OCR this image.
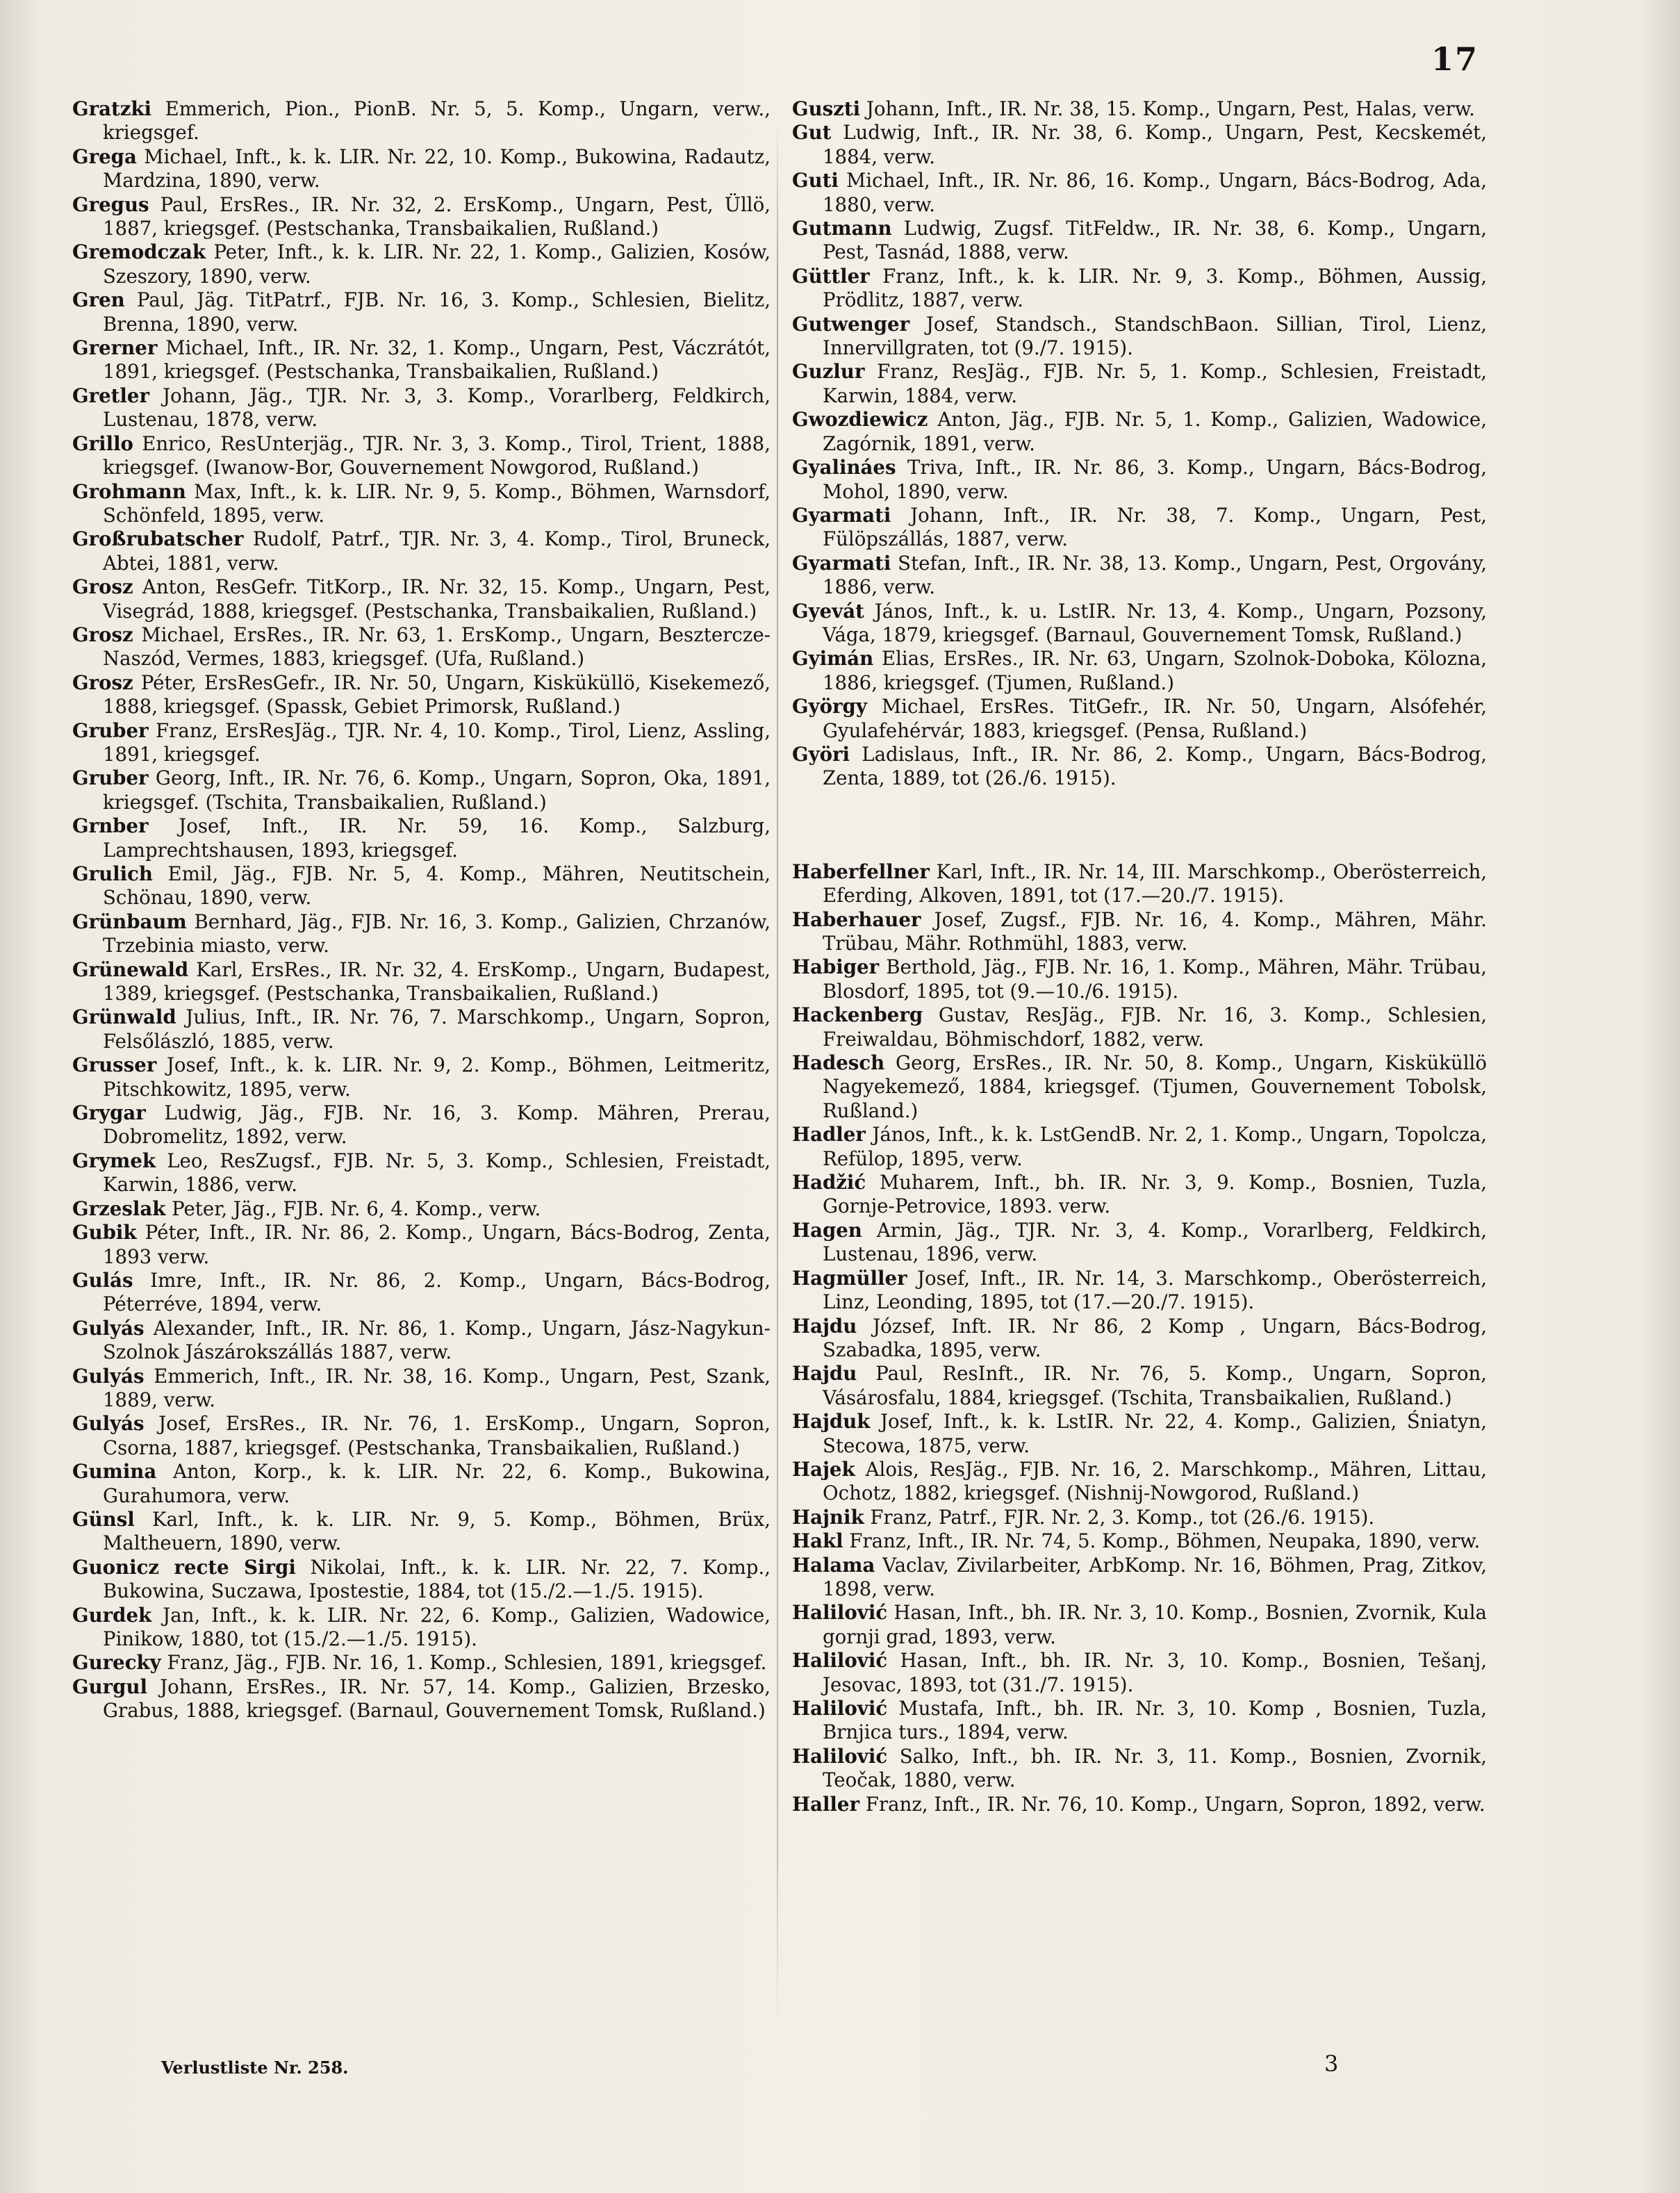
17

Gratzki Emmerich, Pion., PionB. Nr. 5, 5. Komp., Ungarn, verw., kriegsgef.

Grega Michael, Inft., k. k. LIR. Nr. 22, 10. Komp., Bukowina, Radautz, Mardzina, 1890, verw.

Gregus Paul, ErsRes., IR. Nr. 32, 2. ErsKomp., Ungarn, Pest, Üllö, 1887, kriegsgef. (Pestschanka, Transbaikalien, Rußland.)

Gremodczak Peter, Inft., k. k. LIR. Nr. 22, 1. Komp., Galizien, Kosów, Szeszory, 1890, verw.

Gren Paul, Jäg. TitPatrf., FJB. Nr. 16, 3. Komp., Schlesien, Bielitz, Brenna, 1890, verw.

Grerner Michael, Inft., IR. Nr. 32, 1. Komp., Ungarn, Pest, Váczrátót, 1891, kriegsgef. (Pestschanka, Transbaikalien, Rußland.)

Gretler Johann, Jäg., TJR. Nr. 3, 3. Komp., Vorarlberg, Feldkirch, Lustenau, 1878, verw.

Grillo Enrico, ResUnterjäg., TJR. Nr. 3, 3. Komp., Tirol, Trient, 1888, kriegsgef. (Iwanow-Bor, Gouvernement Nowgorod, Rußland.)

Grohmann Max, Inft., k. k. LIR. Nr. 9, 5. Komp., Böhmen, Warnsdorf, Schönfeld, 1895, verw.

Großrubatscher Rudolf, Patrf., TJR. Nr. 3, 4. Komp., Tirol, Bruneck, Abtei, 1881, verw.

Grosz Anton, ResGefr. TitKorp., IR. Nr. 32, 15. Komp., Ungarn, Pest, Visegrád, 1888, kriegsgef. (Pestschanka, Transbaikalien, Rußland.)

Grosz Michael, ErsRes., IR. Nr. 63, 1. ErsKomp., Ungarn, Besztercze-Naszód, Vermes, 1883, kriegsgef. (Ufa, Rußland.)

Grosz Péter, ErsResGefr., IR. Nr. 50, Ungarn, Kisküküllö, Kisekemező, 1888, kriegsgef. (Spassk, Gebiet Primorsk, Rußland.)

Gruber Franz, ErsResJäg., TJR. Nr. 4, 10. Komp., Tirol, Lienz, Assling, 1891, kriegsgef.

Gruber Georg, Inft., IR. Nr. 76, 6. Komp., Ungarn, Sopron, Oka, 1891, kriegsgef. (Tschita, Transbaikalien, Rußland.)

Grnber Josef, Inft., IR. Nr. 59, 16. Komp., Salzburg, Lamprechtshausen, 1893, kriegsgef.

Grulich Emil, Jäg., FJB. Nr. 5, 4. Komp., Mähren, Neutitschein, Schönau, 1890, verw.

Grünbaum Bernhard, Jäg., FJB. Nr. 16, 3. Komp., Galizien, Chrzanów, Trzebinia miasto, verw.

Grünewald Karl, ErsRes., IR. Nr. 32, 4. ErsKomp., Ungarn, Budapest, 1389, kriegsgef. (Pestschanka, Transbaikalien, Rußland.)

Grünwald Julius, Inft., IR. Nr. 76, 7. Marschkomp., Ungarn, Sopron, Felsőlászló, 1885, verw.

Grusser Josef, Inft., k. k. LIR. Nr. 9, 2. Komp., Böhmen, Leitmeritz, Pitschkowitz, 1895, verw.

Grygar Ludwig, Jäg., FJB. Nr. 16, 3. Komp. Mähren, Prerau, Dobromelitz, 1892, verw.

Grymek Leo, ResZugsf., FJB. Nr. 5, 3. Komp., Schlesien, Freistadt, Karwin, 1886, verw.

Grzeslak Peter, Jäg., FJB. Nr. 6, 4. Komp., verw.

Gubik Péter, Inft., IR. Nr. 86, 2. Komp., Ungarn, Bács-Bodrog, Zenta, 1893 verw.

Gulás Imre, Inft., IR. Nr. 86, 2. Komp., Ungarn, Bács-Bodrog, Péterréve, 1894, verw.

Gulyás Alexander, Inft., IR. Nr. 86, 1. Komp., Ungarn, Jász-Nagykun-Szolnok Jászárokszállás 1887, verw.

Gulyás Emmerich, Inft., IR. Nr. 38, 16. Komp., Ungarn, Pest, Szank, 1889, verw.

Gulyás Josef, ErsRes., IR. Nr. 76, 1. ErsKomp., Ungarn, Sopron, Csorna, 1887, kriegsgef. (Pestschanka, Transbaikalien, Rußland.)

Gumina Anton, Korp., k. k. LIR. Nr. 22, 6. Komp., Bukowina, Gurahumora, verw.

Günsl Karl, Inft., k. k. LIR. Nr. 9, 5. Komp., Böhmen, Brüx, Maltheuern, 1890, verw.

Guonicz recte Sirgi Nikolai, Inft., k. k. LIR. Nr. 22, 7. Komp., Bukowina, Suczawa, Ipostestie, 1884, tot (15./2.—1./5. 1915).

Gurdek Jan, Inft., k. k. LIR. Nr. 22, 6. Komp., Galizien, Wadowice, Pinikow, 1880, tot (15./2.—1./5. 1915).

Gurecky Franz, Jäg., FJB. Nr. 16, 1. Komp., Schlesien, 1891, kriegsgef.

Gurgul Johann, ErsRes., IR. Nr. 57, 14. Komp., Galizien, Brzesko, Grabus, 1888, kriegsgef. (Barnaul, Gouvernement Tomsk, Rußland.)

Guszti Johann, Inft., IR. Nr. 38, 15. Komp., Ungarn, Pest, Halas, verw.

Gut Ludwig, Inft., IR. Nr. 38, 6. Komp., Ungarn, Pest, Kecskemét, 1884, verw.

Guti Michael, Inft., IR. Nr. 86, 16. Komp., Ungarn, Bács-Bodrog, Ada, 1880, verw.

Gutmann Ludwig, Zugsf. TitFeldw., IR. Nr. 38, 6. Komp., Ungarn, Pest, Tasnád, 1888, verw.

Güttler Franz, Inft., k. k. LIR. Nr. 9, 3. Komp., Böhmen, Aussig, Prödlitz, 1887, verw.

Gutwenger Josef, Standsch., StandschBaon. Sillian, Tirol, Lienz, Innervillgraten, tot (9./7. 1915).

Guzlur Franz, ResJäg., FJB. Nr. 5, 1. Komp., Schlesien, Freistadt, Karwin, 1884, verw.

Gwozdiewicz Anton, Jäg., FJB. Nr. 5, 1. Komp., Galizien, Wadowice, Zagórnik, 1891, verw.

Gyalináes Triva, Inft., IR. Nr. 86, 3. Komp., Ungarn, Bács-Bodrog, Mohol, 1890, verw.

Gyarmati Johann, Inft., IR. Nr. 38, 7. Komp., Ungarn, Pest, Fülöpszállás, 1887, verw.

Gyarmati Stefan, Inft., IR. Nr. 38, 13. Komp., Ungarn, Pest, Orgovány, 1886, verw.

Gyevát János, Inft., k. u. LstIR. Nr. 13, 4. Komp., Ungarn, Pozsony, Vága, 1879, kriegsgef. (Barnaul, Gouvernement Tomsk, Rußland.)

Gyimán Elias, ErsRes., IR. Nr. 63, Ungarn, Szolnok-Doboka, Kölozna, 1886, kriegsgef. (Tjumen, Rußland.)

György Michael, ErsRes. TitGefr., IR. Nr. 50, Ungarn, Alsófehér, Gyulafehérvár, 1883, kriegsgef. (Pensa, Rußland.)

Györi Ladislaus, Inft., IR. Nr. 86, 2. Komp., Ungarn, Bács-Bodrog, Zenta, 1889, tot (26./6. 1915).

Haberfellner Karl, Inft., IR. Nr. 14, III. Marschkomp., Oberösterreich, Eferding, Alkoven, 1891, tot (17.—20./7. 1915).

Haberhauer Josef, Zugsf., FJB. Nr. 16, 4. Komp., Mähren, Mähr. Trübau, Mähr. Rothmühl, 1883, verw.

Habiger Berthold, Jäg., FJB. Nr. 16, 1. Komp., Mähren, Mähr. Trübau, Blosdorf, 1895, tot (9.—10./6. 1915).

Hackenberg Gustav, ResJäg., FJB. Nr. 16, 3. Komp., Schlesien, Freiwaldau, Böhmischdorf, 1882, verw.

Hadesch Georg, ErsRes., IR. Nr. 50, 8. Komp., Ungarn, Kisküküllö Nagyekemező, 1884, kriegsgef. (Tjumen, Gouvernement Tobolsk, Rußland.)

Hadler János, Inft., k. k. LstGendB. Nr. 2, 1. Komp., Ungarn, Topolcza, Refülop, 1895, verw.

Hadžić Muharem, Inft., bh. IR. Nr. 3, 9. Komp., Bosnien, Tuzla, Gornje-Petrovice, 1893. verw.

Hagen Armin, Jäg., TJR. Nr. 3, 4. Komp., Vorarlberg, Feldkirch, Lustenau, 1896, verw.

Hagmüller Josef, Inft., IR. Nr. 14, 3. Marschkomp., Oberösterreich, Linz, Leonding, 1895, tot (17.—20./7. 1915).

Hajdu József, Inft. IR. Nr 86, 2 Komp , Ungarn, Bács-Bodrog, Szabadka, 1895, verw.

Hajdu Paul, ResInft., IR. Nr. 76, 5. Komp., Ungarn, Sopron, Vásárosfalu, 1884, kriegsgef. (Tschita, Transbaikalien, Rußland.)

Hajduk Josef, Inft., k. k. LstIR. Nr. 22, 4. Komp., Galizien, Śniatyn, Stecowa, 1875, verw.

Hajek Alois, ResJäg., FJB. Nr. 16, 2. Marschkomp., Mähren, Littau, Ochotz, 1882, kriegsgef. (Nishnij-Nowgorod, Rußland.)

Hajnik Franz, Patrf., FJR. Nr. 2, 3. Komp., tot (26./6. 1915).

Hakl Franz, Inft., IR. Nr. 74, 5. Komp., Böhmen, Neupaka, 1890, verw.

Halama Vaclav, Zivilarbeiter, ArbKomp. Nr. 16, Böhmen, Prag, Zitkov, 1898, verw.

Halilović Hasan, Inft., bh. IR. Nr. 3, 10. Komp., Bosnien, Zvornik, Kula gornji grad, 1893, verw.

Halilović Hasan, Inft., bh. IR. Nr. 3, 10. Komp., Bosnien, Tešanj, Jesovac, 1893, tot (31./7. 1915).

Halilović Mustafa, Inft., bh. IR. Nr. 3, 10. Komp , Bosnien, Tuzla, Brnjica turs., 1894, verw.

Halilović Salko, Inft., bh. IR. Nr. 3, 11. Komp., Bosnien, Zvornik, Teočak, 1880, verw.

Haller Franz, Inft., IR. Nr. 76, 10. Komp., Ungarn, Sopron, 1892, verw.

Verlustliste Nr. 258.	3
